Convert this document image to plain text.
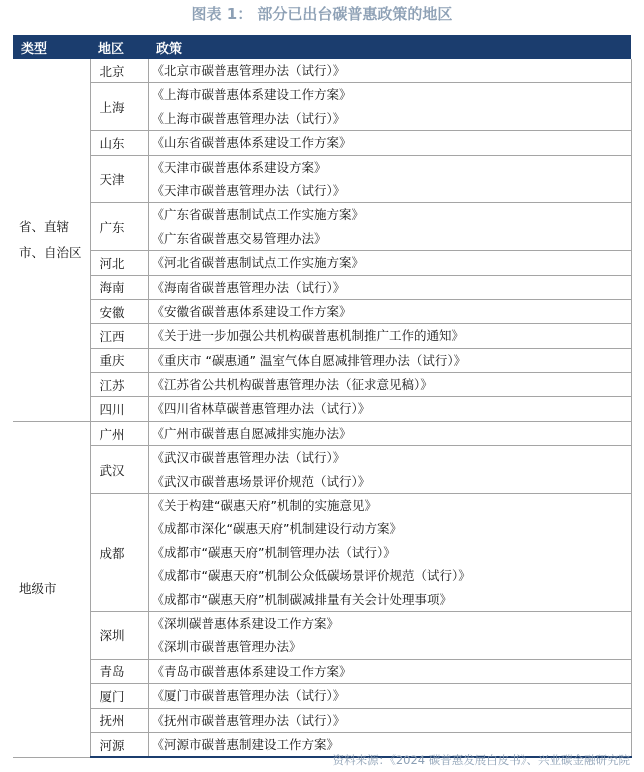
图表 1： 部分已出台碳普惠政策的地区
类型	地区	政策
省、直辖市、自治区	北京	《北京市碳普惠管理办法（试行）》

	上海	《上海市碳普惠体系建设工作方案》
《上海市碳普惠管理办法（试行）》

	山东	《山东省碳普惠体系建设工作方案》

	天津	《天津市碳普惠体系建设方案》
《天津市碳普惠管理办法（试行）》

	广东	《广东省碳普惠制试点工作实施方案》
《广东省碳普惠交易管理办法》

	河北	《河北省碳普惠制试点工作实施方案》

	海南	《海南省碳普惠管理办法（试行）》

	安徽	《安徽省碳普惠体系建设工作方案》

	江西	《关于进一步加强公共机构碳普惠机制推广工作的通知》

	重庆	《重庆市 “碳惠通” 温室气体自愿减排管理办法（试行）》

	江苏	《江苏省公共机构碳普惠管理办法（征求意见稿）》

	四川	《四川省林草碳普惠管理办法（试行）》

地级市	广州	《广州市碳普惠自愿减排实施办法》

	武汉	《武汉市碳普惠管理办法（试行）》
《武汉市碳普惠场景评价规范（试行）》

	成都	《关于构建“碳惠天府”机制的实施意见》
《成都市深化“碳惠天府”机制建设行动方案》
《成都市“碳惠天府”机制管理办法（试行）》
《成都市“碳惠天府”机制公众低碳场景评价规范（试行）》
《成都市“碳惠天府”机制碳减排量有关会计处理事项》

	深圳	《深圳碳普惠体系建设工作方案》
《深圳市碳普惠管理办法》

	青岛	《青岛市碳普惠体系建设工作方案》

	厦门	《厦门市碳普惠管理办法（试行）》

	抚州	《抚州市碳普惠管理办法（试行）》

	河源	《河源市碳普惠制建设工作方案》
资料来源：《2024 碳普惠发展白皮书》、兴业碳金融研究院
